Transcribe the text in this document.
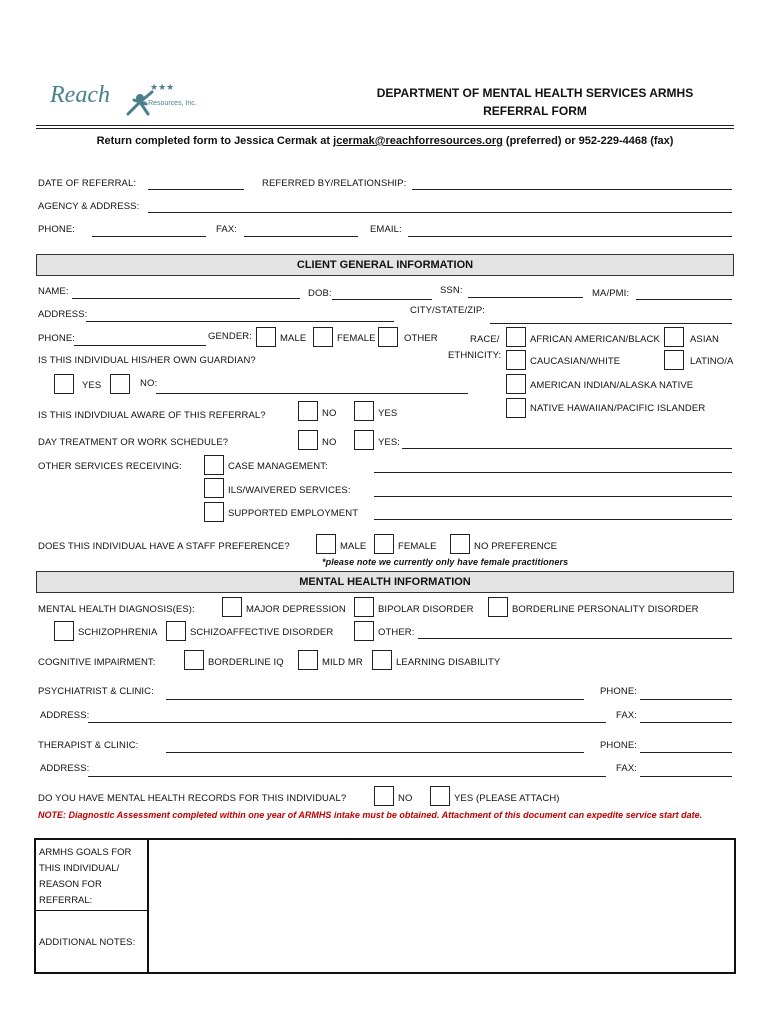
Reach	★★★
for Resources, Inc.
DEPARTMENT OF MENTAL HEALTH SERVICES ARMHS
REFERRAL FORM
Return completed form to Jessica Cermak at jcermak@reachforresources.org (preferred) or 952-229-4468 (fax)
DATE OF REFERRAL:	REFERRED BY/RELATIONSHIP:
AGENCY & ADDRESS:
PHONE:	FAX:	EMAIL:
CLIENT GENERAL INFORMATION
NAME:	DOB:	SSN:	MA/PMI:
ADDRESS:	CITY/STATE/ZIP:
PHONE:	GENDER:	MALE	FEMALE	OTHER	RACE/
ETHNICITY:
AFRICAN AMERICAN/BLACK	ASIAN
CAUCASIAN/WHITE	LATINO/A
AMERICAN INDIAN/ALASKA NATIVE
NATIVE HAWAIIAN/PACIFIC ISLANDER
IS THIS INDIVIDUAL HIS/HER OWN GUARDIAN?
YES	NO:
IS THIS INDIVDIUAL AWARE OF THIS REFERRAL?	NO	YES
DAY TREATMENT OR WORK SCHEDULE?	NO	YES:
OTHER SERVICES RECEIVING:	CASE MANAGEMENT:
ILS/WAIVERED SERVICES:
SUPPORTED EMPLOYMENT
DOES THIS INDIVIDUAL HAVE A STAFF PREFERENCE?	MALE	FEMALE	NO PREFERENCE
*please note we currently only have female practitioners
MENTAL HEALTH INFORMATION
MENTAL HEALTH DIAGNOSIS(ES):	MAJOR DEPRESSION	BIPOLAR DISORDER	BORDERLINE PERSONALITY DISORDER
SCHIZOPHRENIA	SCHIZOAFFECTIVE DISORDER	OTHER:
COGNITIVE IMPAIRMENT:	BORDERLINE IQ	MILD MR	LEARNING DISABILITY
PSYCHIATRIST & CLINIC:	PHONE:
ADDRESS:	FAX:
THERAPIST & CLINIC:	PHONE:
ADDRESS:	FAX:
DO YOU HAVE MENTAL HEALTH RECORDS FOR THIS INDIVIDUAL?	NO	YES (PLEASE ATTACH)
NOTE: Diagnostic Assessment completed within one year of ARMHS intake must be obtained. Attachment of this document can expedite service start date.
ARMHS GOALS FOR THIS INDIVIDUAL/ REASON FOR REFERRAL:
ADDITIONAL NOTES:
